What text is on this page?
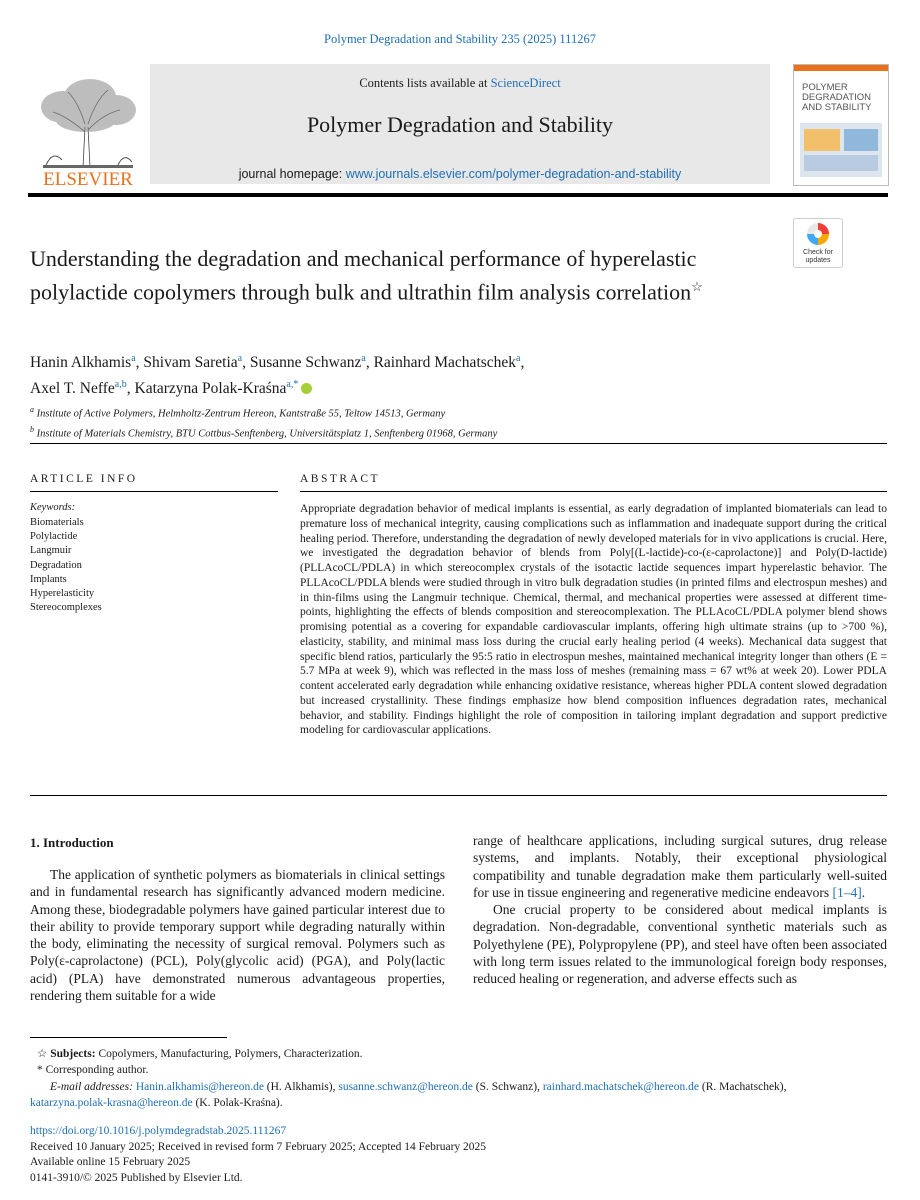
Polymer Degradation and Stability 235 (2025) 111267
ELSEVIER
Contents lists available at ScienceDirect
Polymer Degradation and Stability
journal homepage: www.journals.elsevier.com/polymer-degradation-and-stability
POLYMER
DEGRADATION
AND STABILITY
Understanding the degradation and mechanical performance of hyperelastic polylactide copolymers through bulk and ultrathin film analysis correlation☆
Check for
updates
Hanin Alkhamis$^a$, Shivam Saretia$^a$, Susanne Schwanz$^a$, Rainhard Machatschek$^a$,
Axel T. Neffe$^{a,b}$, Katarzyna Polak-Kraśna$^{a,*}$
$^a$ Institute of Active Polymers, Helmholtz-Zentrum Hereon, Kantstraße 55, Teltow 14513, Germany
$^b$ Institute of Materials Chemistry, BTU Cottbus-Senftenberg, Universitätsplatz 1, Senftenberg 01968, Germany
ARTICLE INFO
Keywords:
Biomaterials
Polylactide
Langmuir
Degradation
Implants
Hyperelasticity
Stereocomplexes
ABSTRACT
Appropriate degradation behavior of medical implants is essential, as early degradation of implanted biomaterials can lead to premature loss of mechanical integrity, causing complications such as inflammation and inadequate support during the critical healing period. Therefore, understanding the degradation of newly developed materials for in vivo applications is crucial. Here, we investigated the degradation behavior of blends from Poly[(L-lactide)-co-(ε-caprolactone)] and Poly(D-lactide) (PLLAcoCL/PDLA) in which stereocomplex crystals of the isotactic lactide sequences impart hyperelastic behavior. The PLLAcoCL/PDLA blends were studied through in vitro bulk degradation studies (in printed films and electrospun meshes) and in thin-films using the Langmuir technique. Chemical, thermal, and mechanical properties were assessed at different time-points, highlighting the effects of blends composition and stereocomplexation. The PLLAcoCL/PDLA polymer blend shows promising potential as a covering for expandable cardiovascular implants, offering high ultimate strains (up to >700 %), elasticity, stability, and minimal mass loss during the crucial early healing period (4 weeks). Mechanical data suggest that specific blend ratios, particularly the 95:5 ratio in electrospun meshes, maintained mechanical integrity longer than others (E = 5.7 MPa at week 9), which was reflected in the mass loss of meshes (remaining mass = 67 wt% at week 20). Lower PDLA content accelerated early degradation while enhancing oxidative resistance, whereas higher PDLA content slowed degradation but increased crystallinity. These findings emphasize how blend composition influences degradation rates, mechanical behavior, and stability. Findings highlight the role of composition in tailoring implant degradation and support predictive modeling for cardiovascular applications.
1. Introduction

The application of synthetic polymers as biomaterials in clinical settings and in fundamental research has significantly advanced modern medicine. Among these, biodegradable polymers have gained particular interest due to their ability to provide temporary support while degrading naturally within the body, eliminating the necessity of surgical removal. Polymers such as Poly(ε-caprolactone) (PCL), Poly(glycolic acid) (PGA), and Poly(lactic acid) (PLA) have demonstrated numerous advantageous properties, rendering them suitable for a wide

range of healthcare applications, including surgical sutures, drug release systems, and implants. Notably, their exceptional physiological compatibility and tunable degradation make them particularly well-suited for use in tissue engineering and regenerative medicine endeavors [1–4].

One crucial property to be considered about medical implants is degradation. Non-degradable, conventional synthetic materials such as Polyethylene (PE), Polypropylene (PP), and steel have often been associated with long term issues related to the immunological foreign body responses, reduced healing or regeneration, and adverse effects such as

☆ Subjects: Copolymers, Manufacturing, Polymers, Characterization.
* Corresponding author.
E-mail addresses: Hanin.alkhamis@hereon.de (H. Alkhamis), susanne.schwanz@hereon.de (S. Schwanz), rainhard.machatschek@hereon.de (R. Machatschek),
katarzyna.polak-krasna@hereon.de (K. Polak-Kraśna).
https://doi.org/10.1016/j.polymdegradstab.2025.111267
Received 10 January 2025; Received in revised form 7 February 2025; Accepted 14 February 2025
Available online 15 February 2025
0141-3910/© 2025 Published by Elsevier Ltd.
